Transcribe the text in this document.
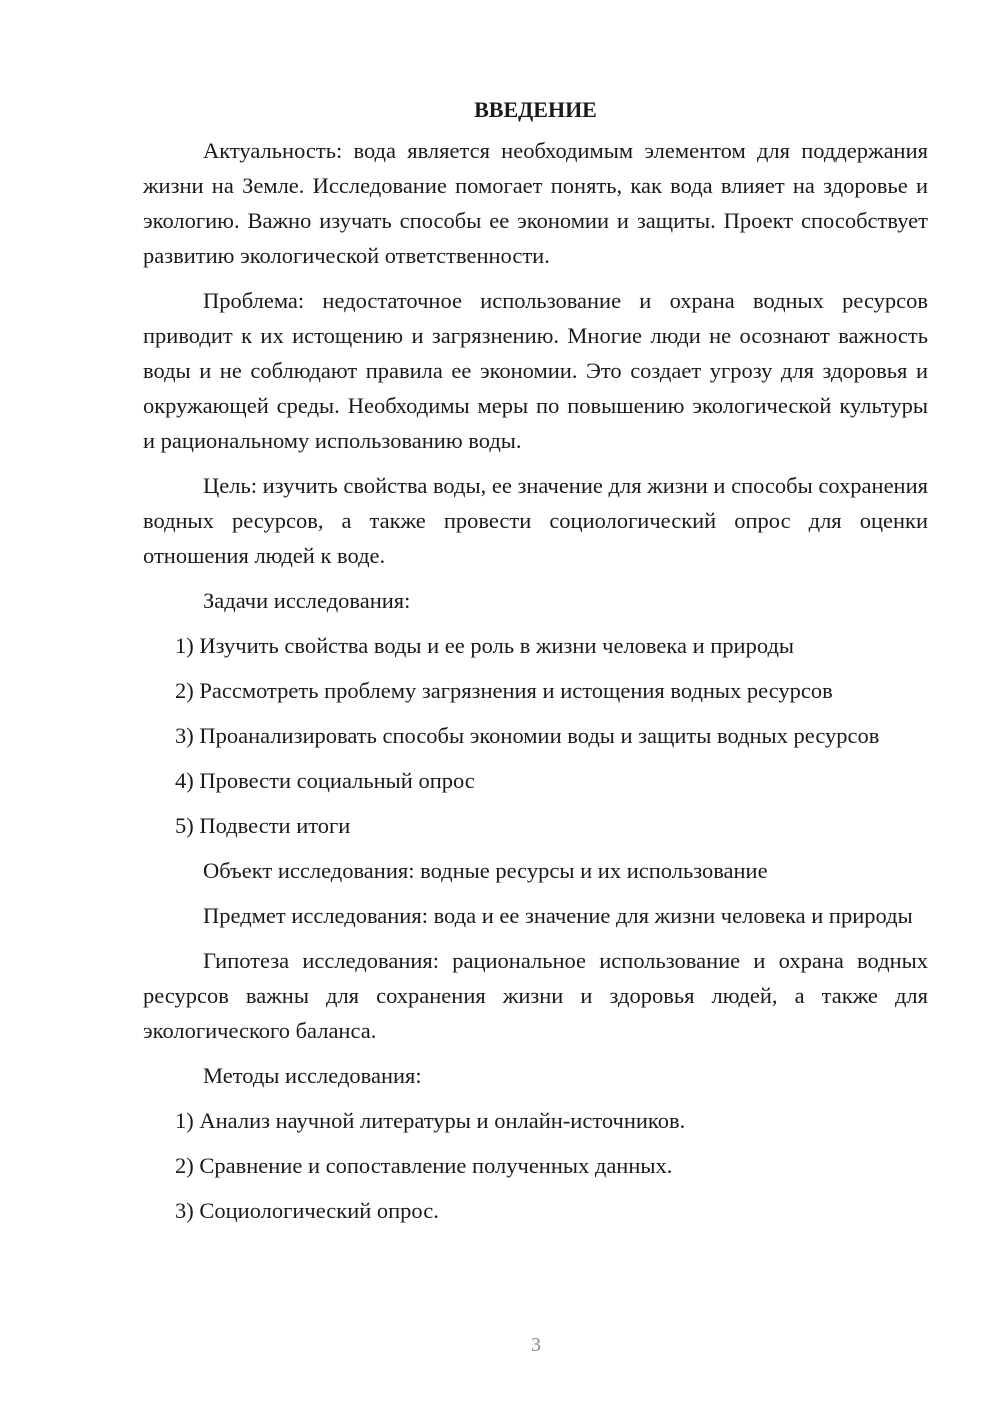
ВВЕДЕНИЕ

Актуальность: вода является необходимым элементом для поддержания жизни на Земле. Исследование помогает понять, как вода влияет на здоровье и экологию. Важно изучать способы ее экономии и защиты. Проект способствует развитию экологической ответственности.

Проблема: недостаточное использование и охрана водных ресурсов приводит к их истощению и загрязнению. Многие люди не осознают важность воды и не соблюдают правила ее экономии. Это создает угрозу для здоровья и окружающей среды. Необходимы меры по повышению экологической культуры и рациональному использованию воды.

Цель: изучить свойства воды, ее значение для жизни и способы сохранения водных ресурсов, а также провести социологический опрос для оценки отношения людей к воде.

Задачи исследования:

1) Изучить свойства воды и ее роль в жизни человека и природы

2) Рассмотреть проблему загрязнения и истощения водных ресурсов

3) Проанализировать способы экономии воды и защиты водных ресурсов

4) Провести социальный опрос

5) Подвести итоги

Объект исследования: водные ресурсы и их использование

Предмет исследования: вода и ее значение для жизни человека и природы

Гипотеза исследования: рациональное использование и охрана водных ресурсов важны для сохранения жизни и здоровья людей, а также для экологического баланса.

Методы исследования:

1) Анализ научной литературы и онлайн-источников.

2) Сравнение и сопоставление полученных данных.

3) Социологический опрос.

3
